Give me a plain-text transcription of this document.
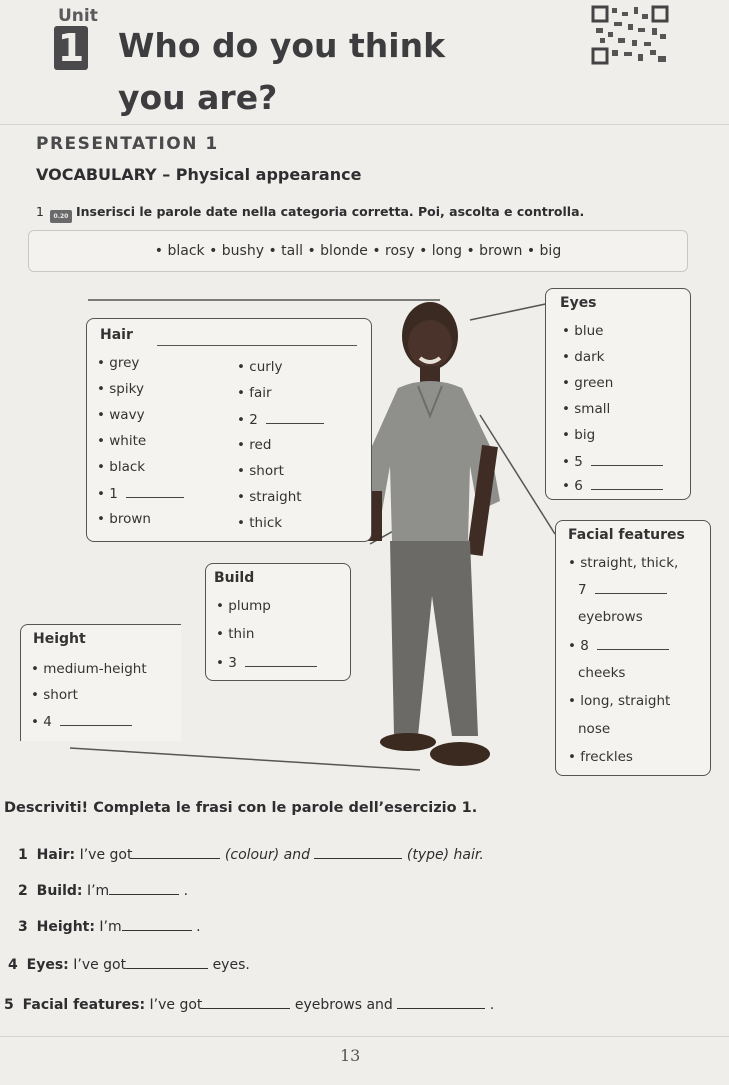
Unit
1 Who do you think
you are?
PRESENTATION 1
VOCABULARY – Physical appearance
1	0.20 Inserisci le parole date nella categoria corretta. Poi, ascolta e controlla.
• black • bushy • tall • blonde • rosy • long • brown • big
Hair
• grey
• spiky
• wavy
• white
• black
• 1
• brown
• curly
• fair
• 2
• red
• short
• straight
• thick
Build
• plump
• thin
• 3
Height
• medium-height
• short
• 4
Eyes
• blue
• dark
• green
• small
• big
• 5
• 6
Facial features
• straight, thick,
7
eyebrows
• 8
cheeks
• long, straight
nose
• freckles
Descriviti! Completa le frasi con le parole dell’esercizio 1.
1 Hair: I’ve got	(colour) and	(type) hair.
2 Build: I’m	.
3 Height: I’m	.
4 Eyes: I’ve got	eyes.
5 Facial features: I’ve got	eyebrows and	.
13
